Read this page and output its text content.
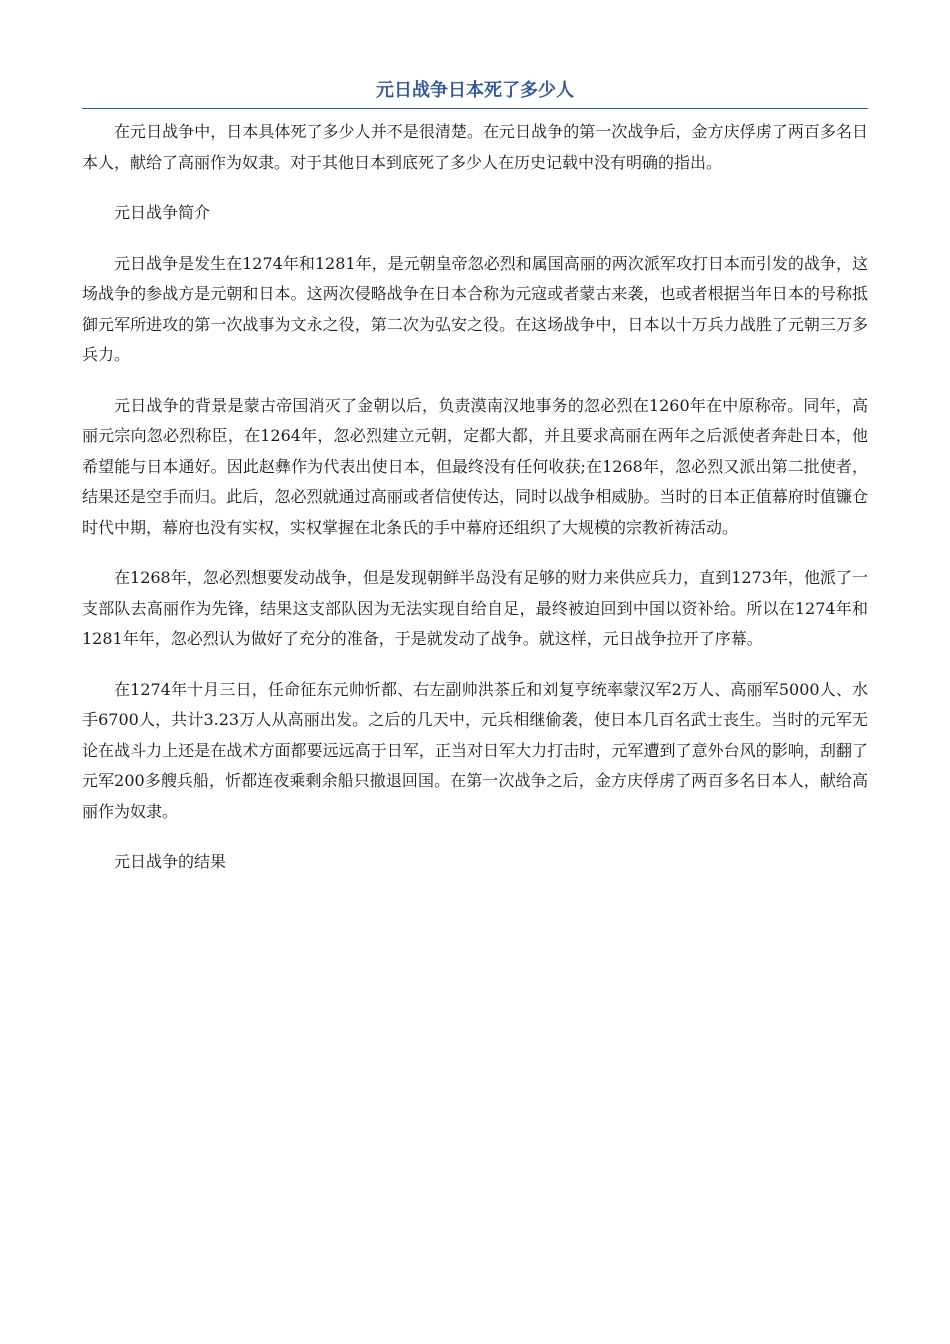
元日战争日本死了多少人

在元日战争中，日本具体死了多少人并不是很清楚。在元日战争的第一次战争后，金方庆俘虏了两百多名日本人，献给了高丽作为奴隶。对于其他日本到底死了多少人在历史记载中没有明确的指出。

元日战争简介

元日战争是发生在1274年和1281年，是元朝皇帝忽必烈和属国高丽的两次派军攻打日本而引发的战争，这场战争的参战方是元朝和日本。这两次侵略战争在日本合称为元寇或者蒙古来袭，也或者根据当年日本的号称抵御元军所进攻的第一次战事为文永之役，第二次为弘安之役。在这场战争中，日本以十万兵力战胜了元朝三万多兵力。

元日战争的背景是蒙古帝国消灭了金朝以后，负责漠南汉地事务的忽必烈在1260年在中原称帝。同年，高丽元宗向忽必烈称臣，在1264年，忽必烈建立元朝，定都大都，并且要求高丽在两年之后派使者奔赴日本，他希望能与日本通好。因此赵彝作为代表出使日本，但最终没有任何收获;在1268年，忽必烈又派出第二批使者，结果还是空手而归。此后，忽必烈就通过高丽或者信使传达，同时以战争相威胁。当时的日本正值幕府时值镰仓时代中期，幕府也没有实权，实权掌握在北条氏的手中幕府还组织了大规模的宗教祈祷活动。

在1268年，忽必烈想要发动战争，但是发现朝鲜半岛没有足够的财力来供应兵力，直到1273年，他派了一支部队去高丽作为先锋，结果这支部队因为无法实现自给自足，最终被迫回到中国以资补给。所以在1274年和1281年年，忽必烈认为做好了充分的准备，于是就发动了战争。就这样，元日战争拉开了序幕。

在1274年十月三日，任命征东元帅忻都、右左副帅洪茶丘和刘复亨统率蒙汉军2万人、高丽军5000人、水手6700人，共计3.23万人从高丽出发。之后的几天中，元兵相继偷袭，使日本几百名武士丧生。当时的元军无论在战斗力上还是在战术方面都要远远高于日军，正当对日军大力打击时，元军遭到了意外台风的影响，刮翻了元军200多艘兵船，忻都连夜乘剩余船只撤退回国。在第一次战争之后，金方庆俘虏了两百多名日本人，献给高丽作为奴隶。

元日战争的结果
